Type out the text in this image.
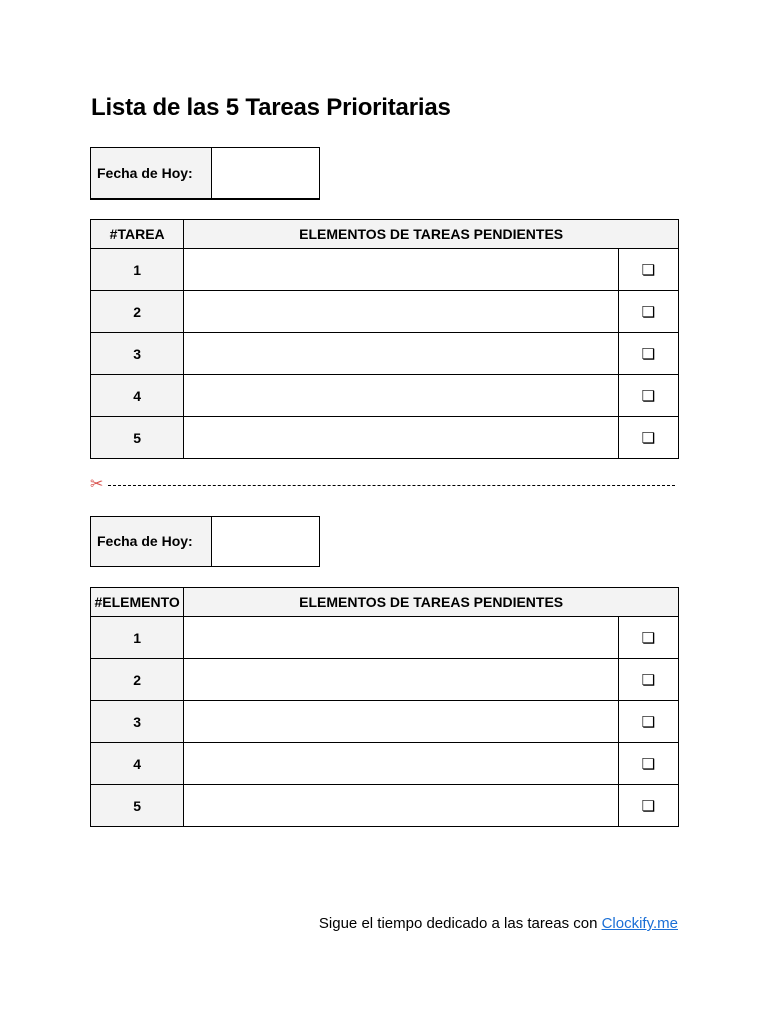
Lista de las 5 Tareas Prioritarias
Fecha de Hoy:	
#TAREA	ELEMENTOS DE TAREAS PENDIENTES	
1		❏
2		❏
3		❏
4		❏
5		❏
✂
Fecha de Hoy:	
#ELEMENTO	ELEMENTOS DE TAREAS PENDIENTES	
1		❏
2		❏
3		❏
4		❏
5		❏
Sigue el tiempo dedicado a las tareas con Clockify.me
